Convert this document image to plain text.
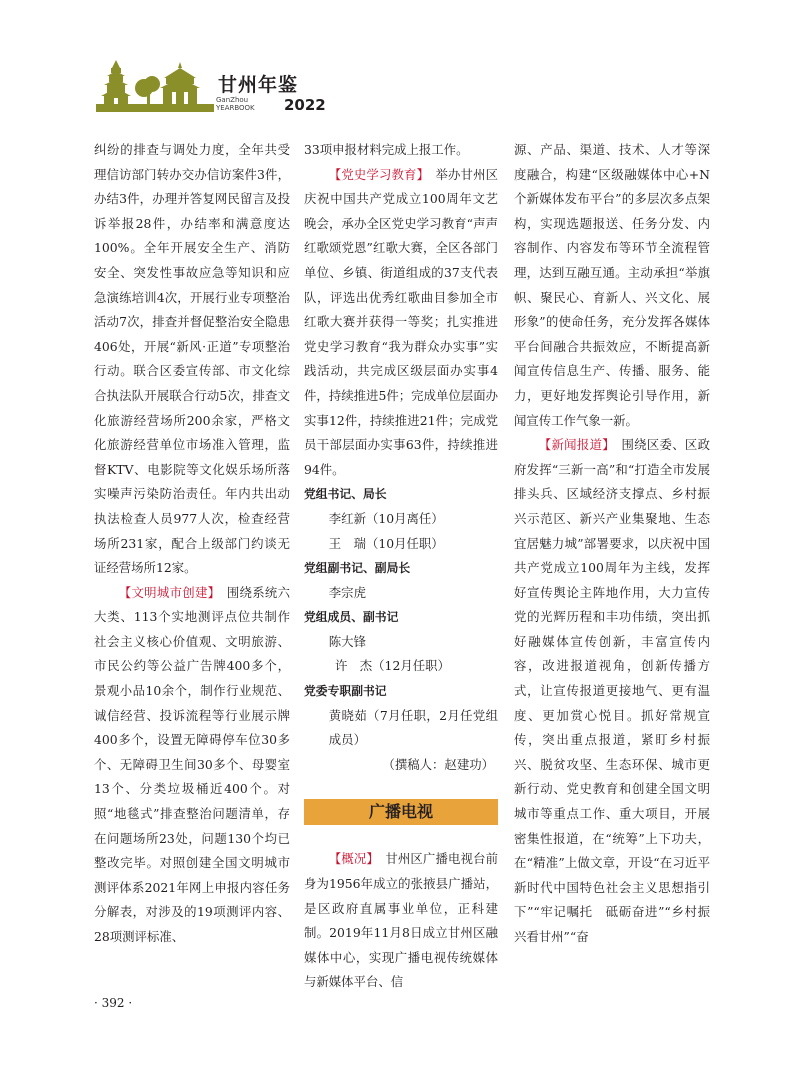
甘州年鉴
GanZhou
YEARBOOK 2022

纠纷的排查与调处力度，全年共受理信访部门转办交办信访案件3件，办结3件，办理并答复网民留言及投诉举报28件，办结率和满意度达100%。全年开展安全生产、消防安全、突发性事故应急等知识和应急演练培训4次，开展行业专项整治活动7次，排查并督促整治安全隐患406处，开展“新风·正道”专项整治行动。联合区委宣传部、市文化综合执法队开展联合行动5次，排查文化旅游经营场所200余家，严格文化旅游经营单位市场准入管理，监督KTV、电影院等文化娱乐场所落实噪声污染防治责任。年内共出动执法检查人员977人次，检查经营场所231家，配合上级部门约谈无证经营场所12家。

【文明城市创建】　 围绕系统六大类、113个实地测评点位共制作社会主义核心价值观、文明旅游、市民公约等公益广告牌400多个，景观小品10余个，制作行业规范、诚信经营、投诉流程等行业展示牌400多个，设置无障碍停车位30多个、无障碍卫生间30多个、母婴室13个、分类垃圾桶近400个。对照“地毯式”排查整治问题清单，存在问题场所23处，问题130个均已整改完毕。对照创建全国文明城市测评体系2021年网上申报内容任务分解表，对涉及的19项测评内容、28项测评标准、

33项申报材料完成上报工作。

【党史学习教育】　 举办甘州区庆祝中国共产党成立100周年文艺晚会，承办全区党史学习教育“声声红歌颂党恩”红歌大赛，全区各部门单位、乡镇、街道组成的37支代表队，评选出优秀红歌曲目参加全市红歌大赛并获得一等奖；扎实推进党史学习教育“我为群众办实事”实践活动，共完成区级层面办实事4件，持续推进5件；完成单位层面办实事12件，持续推进21件；完成党员干部层面办实事63件，持续推进94件。

党组书记、局长

李红新（10月离任）

王　瑞（10月任职）

党组副书记、副局长

李宗虎

党组成员、副书记

陈大锋

许　杰（12月任职）

党委专职副书记

黄晓茹（7月任职，2月任党组成员）

（撰稿人：赵建功）

广播电视

【概况】　 甘州区广播电视台前身为1956年成立的张掖县广播站，是区政府直属事业单位，正科建制。2019年11月8日成立甘州区融媒体中心，实现广播电视传统媒体与新媒体平台、信

源、产品、渠道、技术、人才等深度融合，构建“区级融媒体中心+N个新媒体发布平台”的多层次多点架构，实现选题报送、任务分发、内容制作、内容发布等环节全流程管理，达到互融互通。主动承担“举旗帜、聚民心、育新人、兴文化、展形象”的使命任务，充分发挥各媒体平台间融合共振效应，不断提高新闻宣传信息生产、传播、服务、能力，更好地发挥舆论引导作用，新闻宣传工作气象一新。

【新闻报道】　 围绕区委、区政府发挥“三新一高”和“打造全市发展排头兵、区域经济支撑点、乡村振兴示范区、新兴产业集聚地、生态宜居魅力城”部署要求，以庆祝中国共产党成立100周年为主线，发挥好宣传舆论主阵地作用，大力宣传党的光辉历程和丰功伟绩，突出抓好融媒体宣传创新，丰富宣传内容，改进报道视角，创新传播方式，让宣传报道更接地气、更有温度、更加赏心悦目。抓好常规宣传，突出重点报道，紧盯乡村振兴、脱贫攻坚、生态环保、城市更新行动、党史教育和创建全国文明城市等重点工作、重大项目，开展密集性报道，在“统筹”上下功夫，在“精准”上做文章，开设“在习近平新时代中国特色社会主义思想指引下”“牢记嘱托　砥砺奋进”“乡村振兴看甘州”“奋

· 392 ·
